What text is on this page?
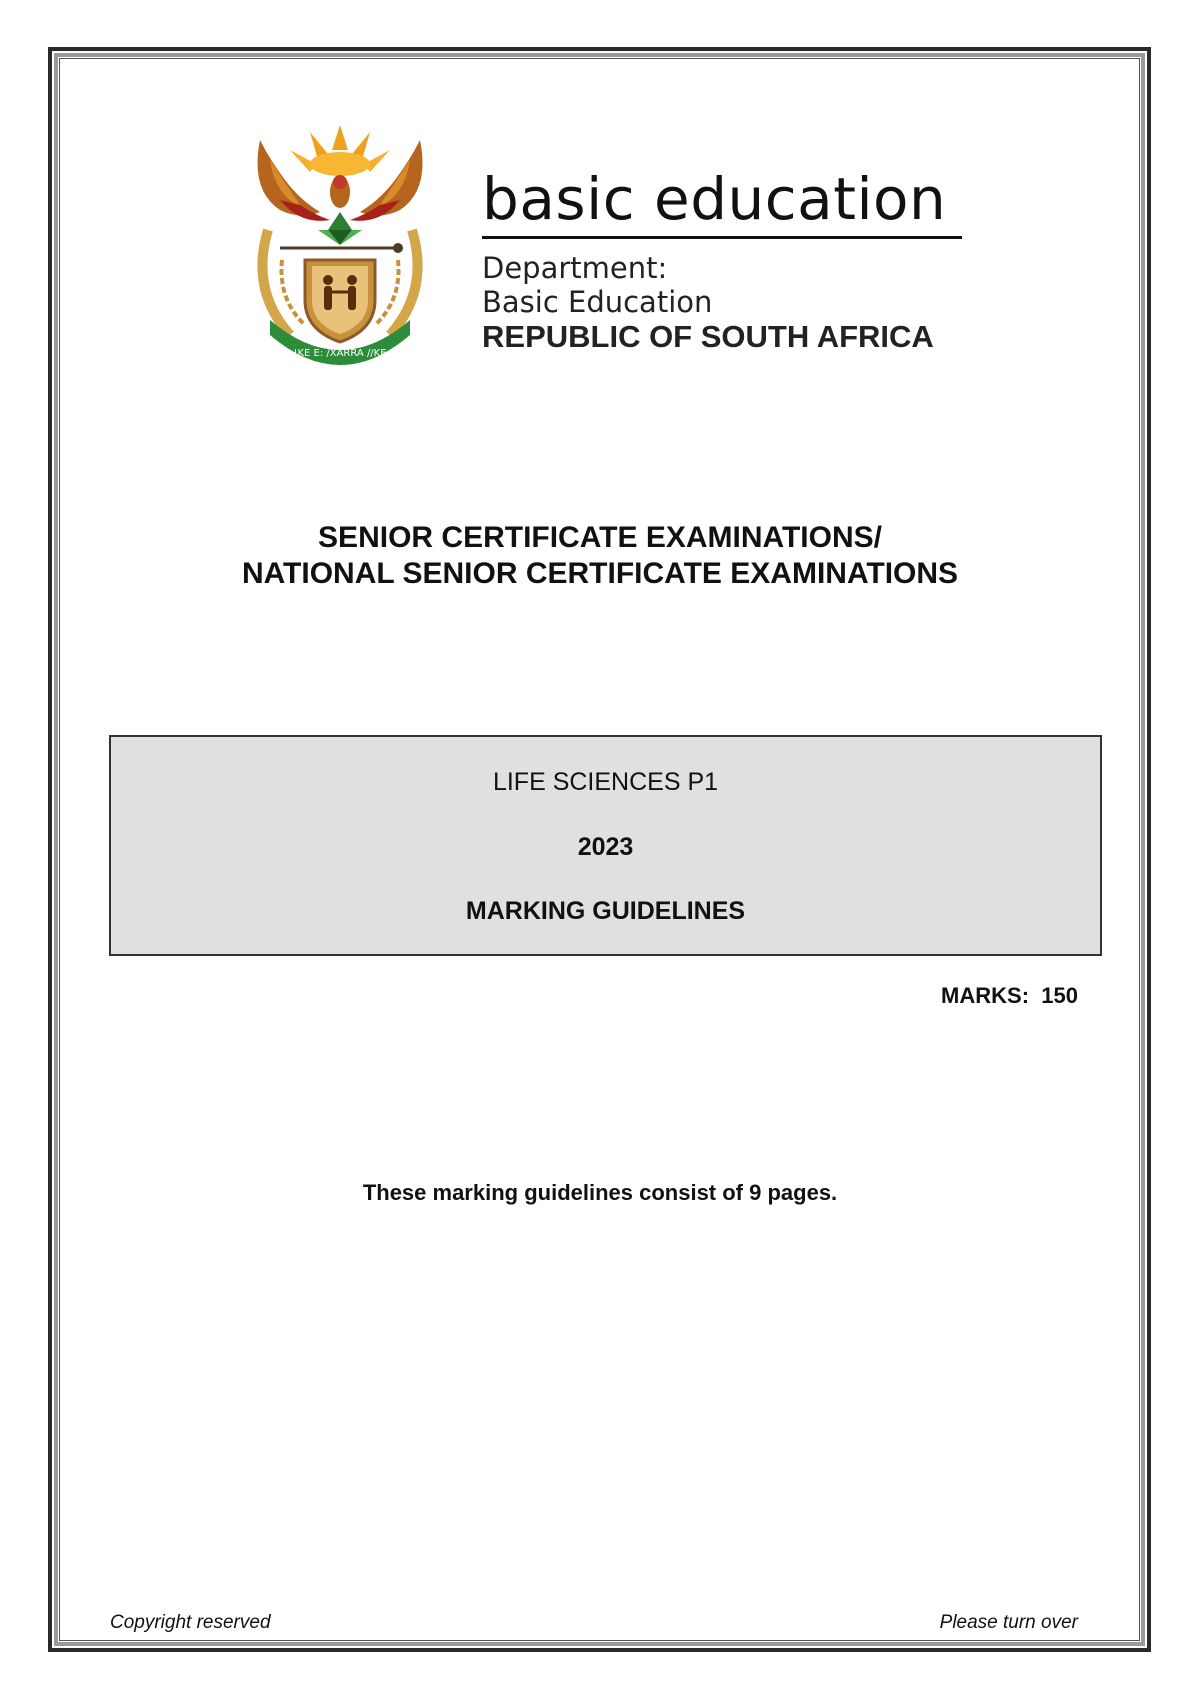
!KE E: /XARRA //KE
basic education
Department:
Basic Education
REPUBLIC OF SOUTH AFRICA
SENIOR CERTIFICATE EXAMINATIONS/
NATIONAL SENIOR CERTIFICATE EXAMINATIONS
LIFE SCIENCES P1
2023
MARKING GUIDELINES
MARKS: 150
These marking guidelines consist of 9 pages.
Copyright reserved	Please turn over
